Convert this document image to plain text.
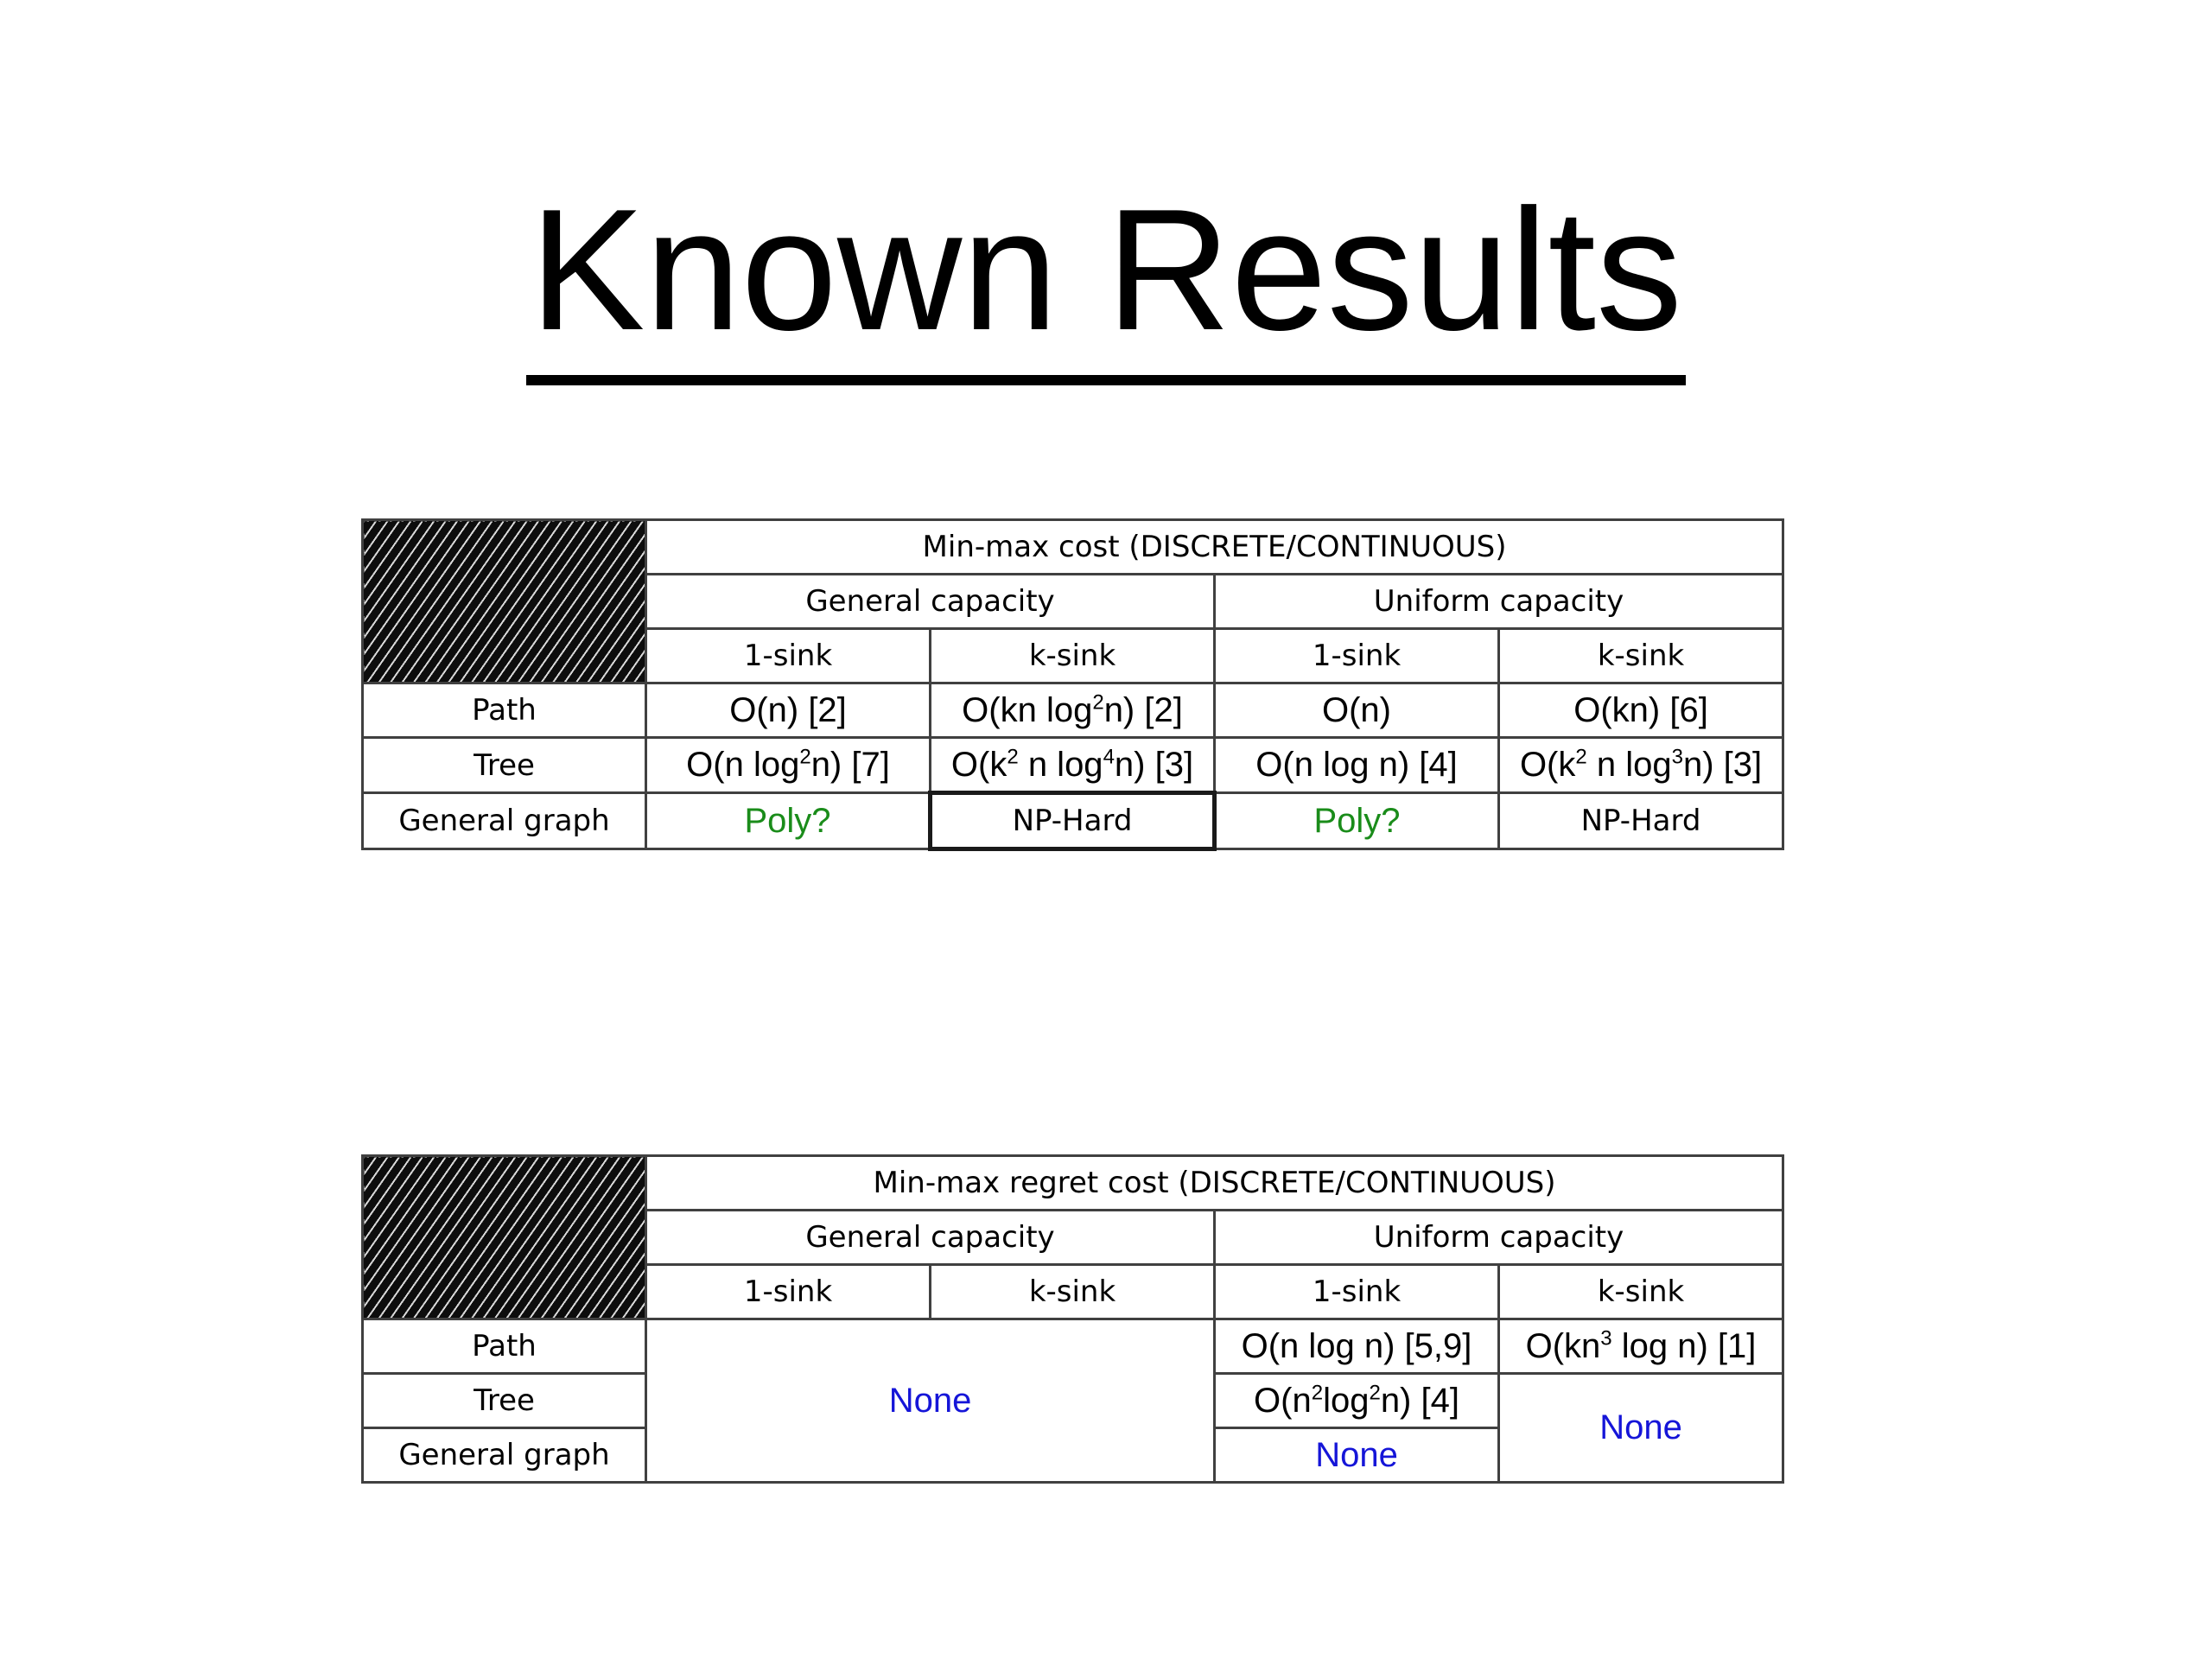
Known Results
	Min-max cost (DISCRETE/CONTINUOUS)			
	General capacity		Uniform capacity	
	1-sink	k-sink	1-sink	k-sink
Path	O(n) [2]	O(kn $\log^2n$) [2]	O(n)	O(kn) [6]
Tree	O(n $\log^2n$) [7]	$O(k^2$ n $\log^4n$) [3]	O(n log n) [4]	$O(k^2$ n $\log^3n$) [3]
General graph	Poly?	NP-Hard	Poly?	NP-Hard
	Min-max regret cost (DISCRETE/CONTINUOUS)			
	General capacity		Uniform capacity	
	1-sink	k-sink	1-sink	k-sink
Path	None		O(n log n) [5,9]	$O(kn^3$ log n) [1]
Tree			$O(n^2\log^2n)$ [4]	None
General graph			None	
